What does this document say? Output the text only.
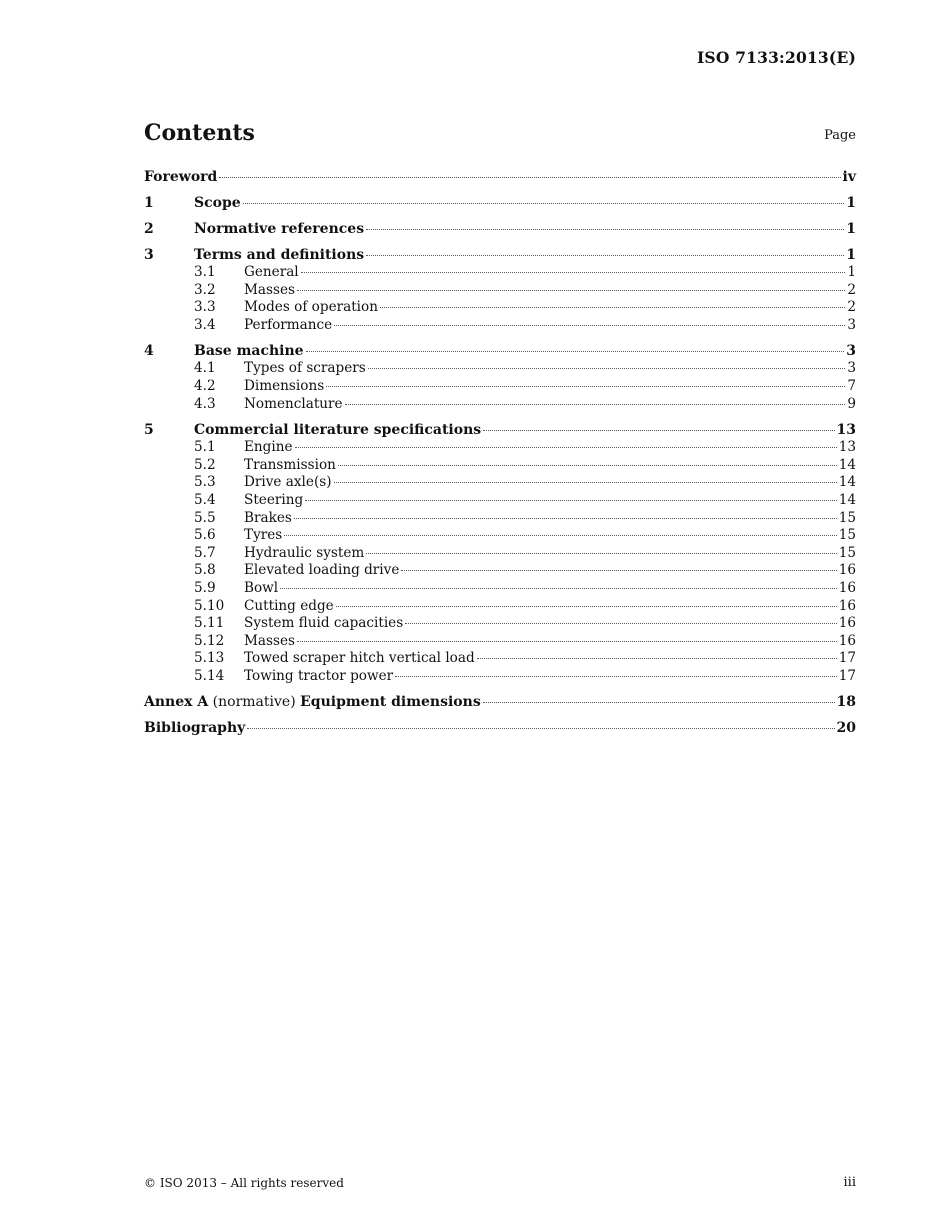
ISO 7133:2013(E)
Contents	Page
Foreword	iv
1	Scope	1
2	Normative references	1
3	Terms and definitions	1
3.1	General	1
3.2	Masses	2
3.3	Modes of operation	2
3.4	Performance	3
4	Base machine	3
4.1	Types of scrapers	3
4.2	Dimensions	7
4.3	Nomenclature	9
5	Commercial literature specifications	13
5.1	Engine	13
5.2	Transmission	14
5.3	Drive axle(s)	14
5.4	Steering	14
5.5	Brakes	15
5.6	Tyres	15
5.7	Hydraulic system	15
5.8	Elevated loading drive	16
5.9	Bowl	16
5.10	Cutting edge	16
5.11	System fluid capacities	16
5.12	Masses	16
5.13	Towed scraper hitch vertical load	17
5.14	Towing tractor power	17
Annex A (normative) Equipment dimensions	18
Bibliography	20
© ISO 2013 – All rights reserved	iii
